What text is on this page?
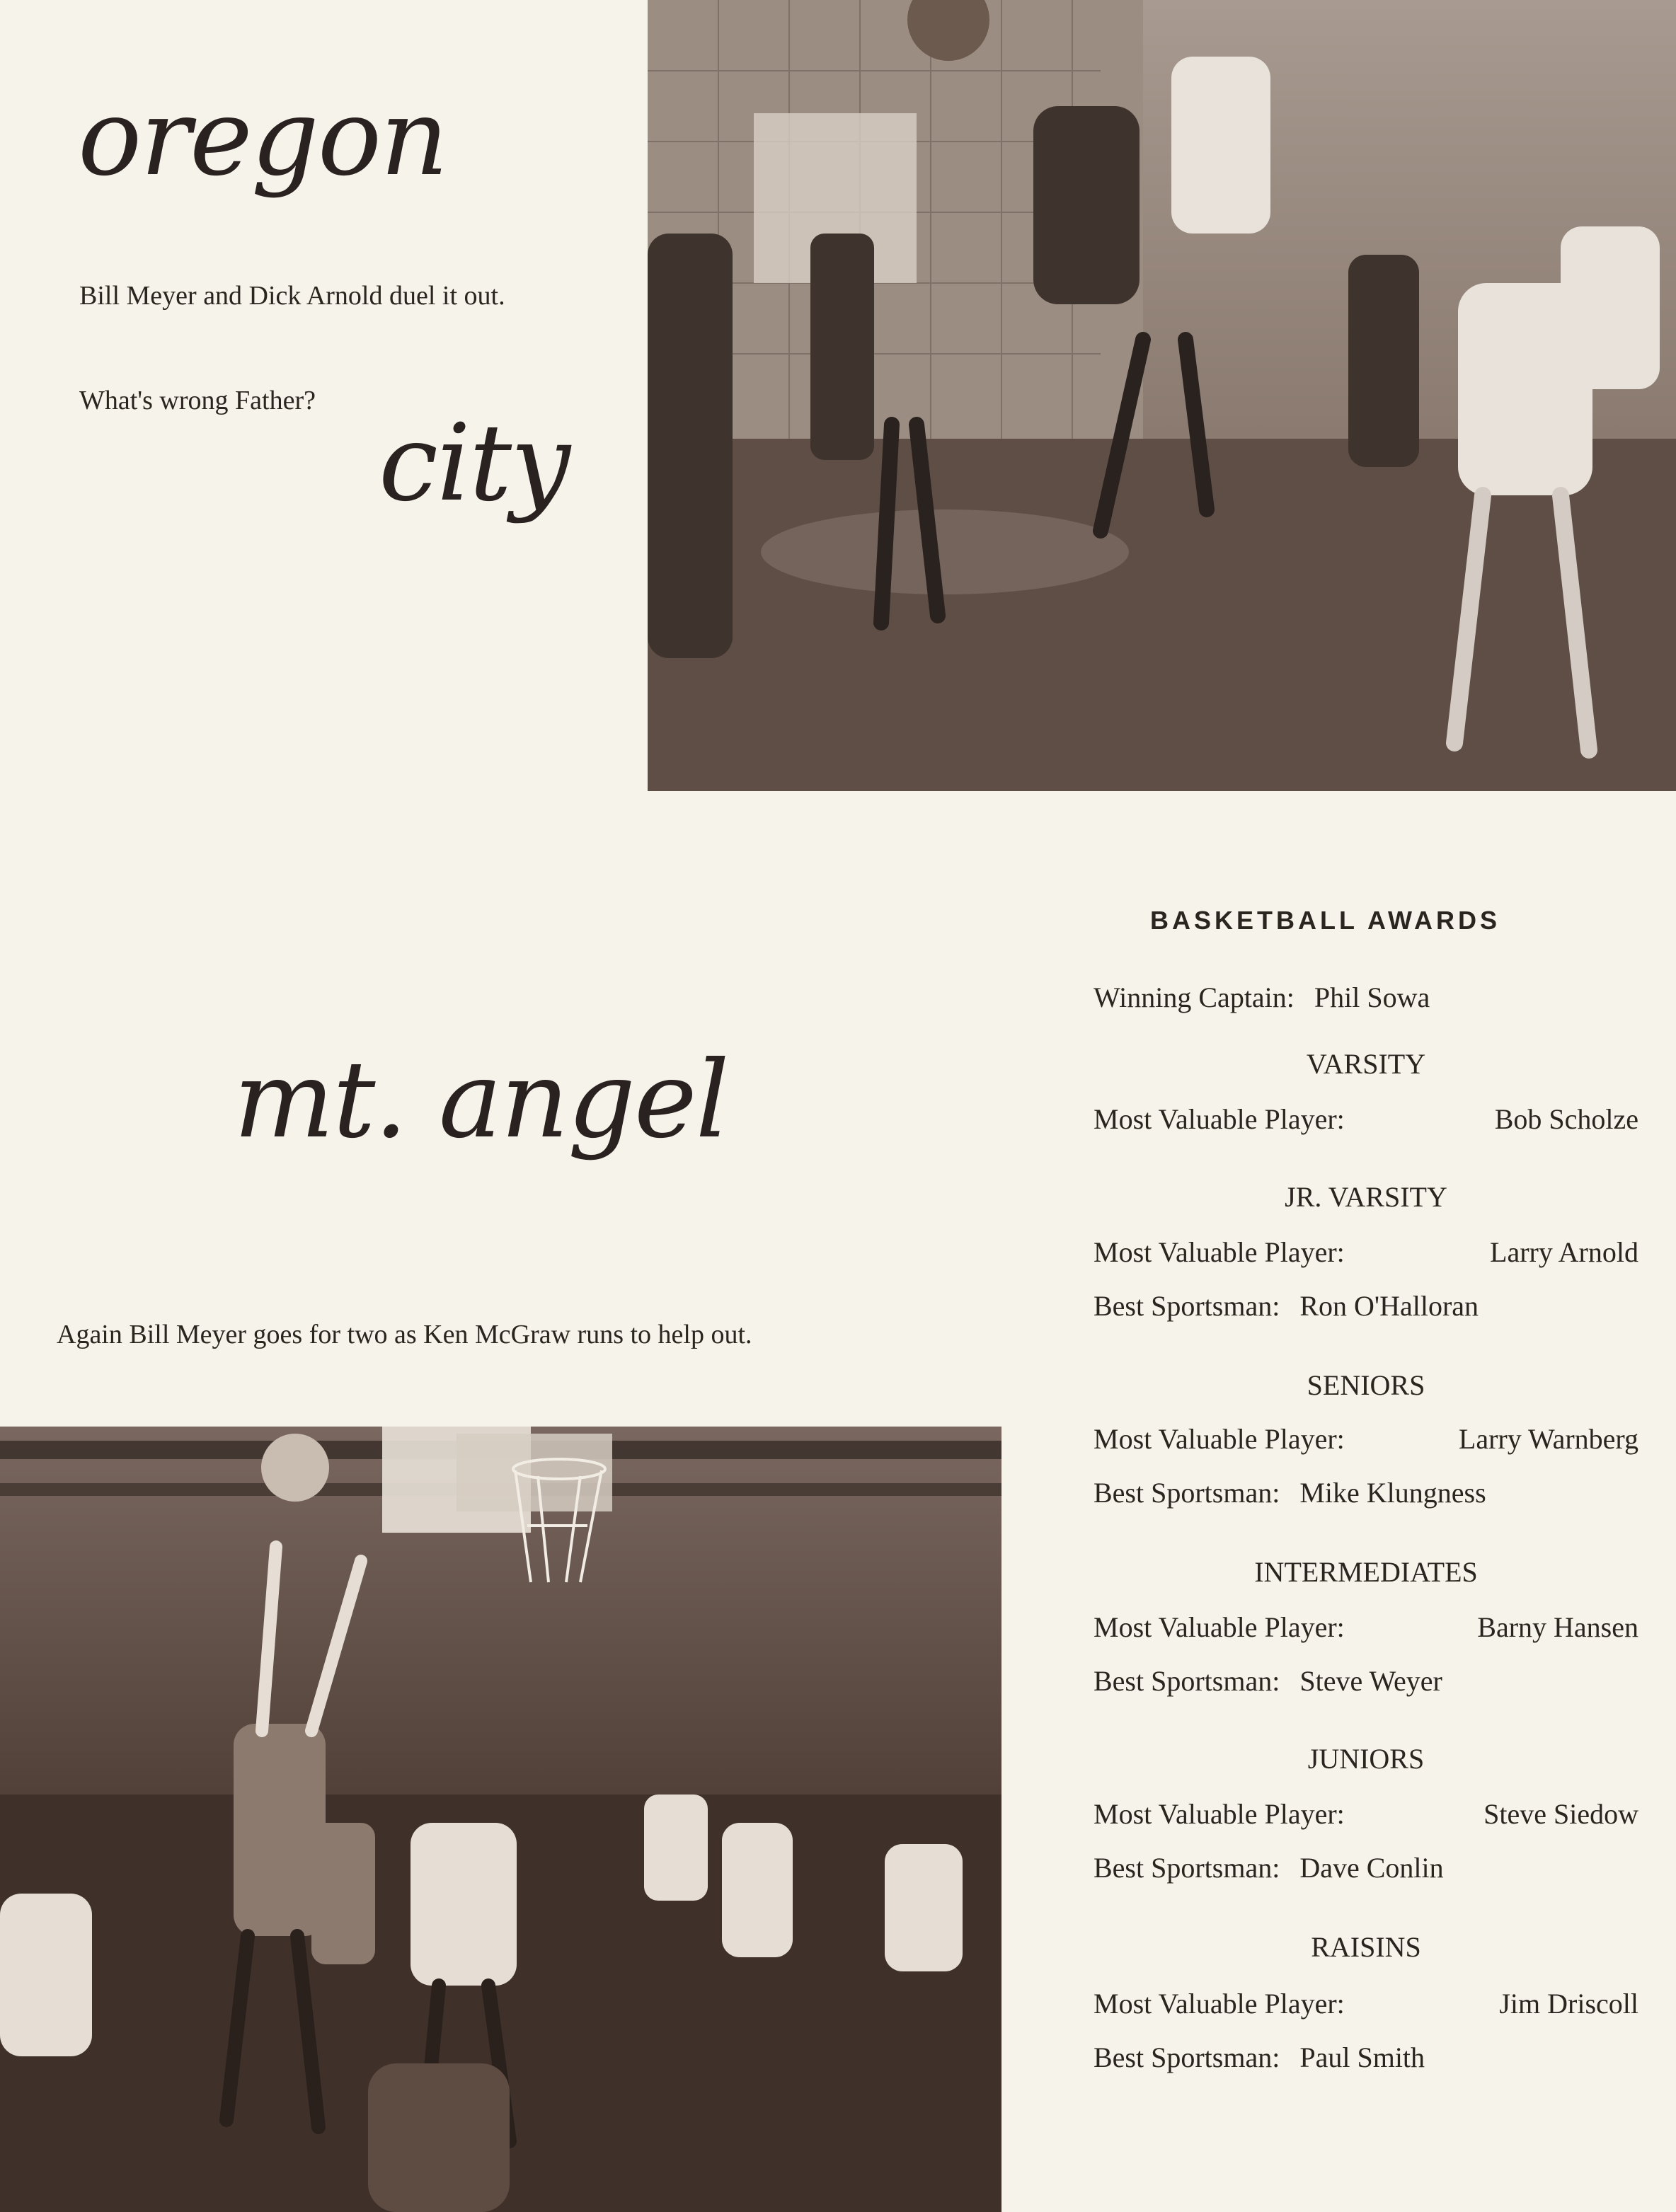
oregon
city
mt. angel
Bill Meyer and Dick Arnold duel it out.
What's wrong Father?
Again Bill Meyer goes for two as Ken McGraw runs to help out.
BASKETBALL AWARDS
Winning Captain: Phil Sowa
VARSITY
Most Valuable Player:	Bob Scholze
JR. VARSITY
Most Valuable Player:	Larry Arnold
Best Sportsman: Ron O'Halloran
SENIORS
Most Valuable Player:	Larry Warnberg
Best Sportsman: Mike Klungness
INTERMEDIATES
Most Valuable Player:	Barny Hansen
Best Sportsman: Steve Weyer
JUNIORS
Most Valuable Player:	Steve Siedow
Best Sportsman: Dave Conlin
RAISINS
Most Valuable Player:	Jim Driscoll
Best Sportsman: Paul Smith
